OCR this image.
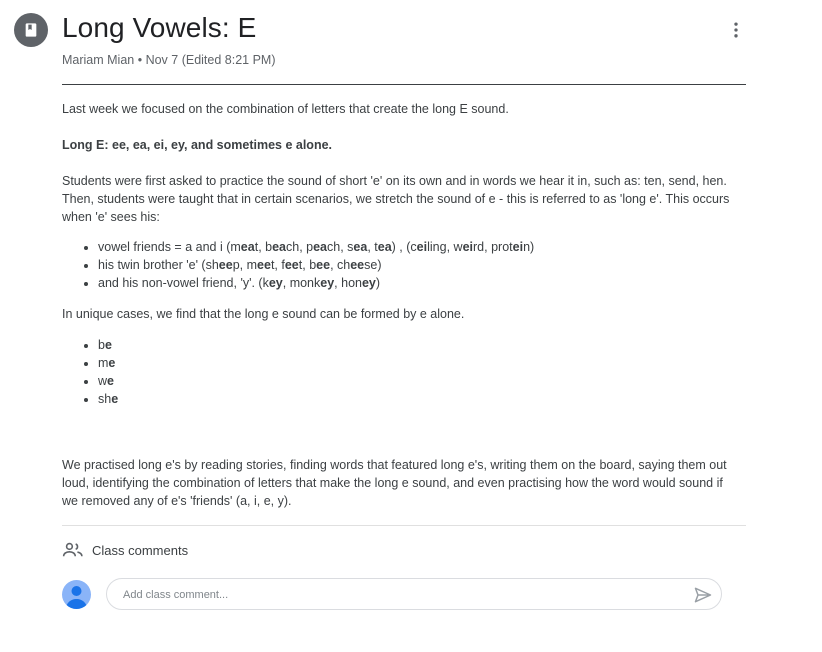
Long Vowels: E
Mariam Mian • Nov 7 (Edited 8:21 PM)

Last week we focused on the combination of letters that create the long E sound.

Long E: ee, ea, ei, ey, and sometimes e alone.

Students were first asked to practice the sound of short 'e' on its own and in words we hear it in, such as: ten, send, hen. Then, students were taught that in certain scenarios, we stretch the sound of e - this is referred to as 'long e'. This occurs when 'e' sees his:

• vowel friends = a and i (meat, beach, peach, sea, tea) , (ceiling, weird, protein)
• his twin brother 'e' (sheep, meet, feet, bee, cheese)
• and his non-vowel friend, 'y'. (key, monkey, honey)

In unique cases, we find that the long e sound can be formed by e alone.

• be
• me
• we
• she

We practised long e's by reading stories, finding words that featured long e's, writing them on the board, saying them out loud, identifying the combination of letters that make the long e sound, and even practising how the word would sound if we removed any of e's 'friends' (a, i, e, y).

Class comments
Add class comment...
